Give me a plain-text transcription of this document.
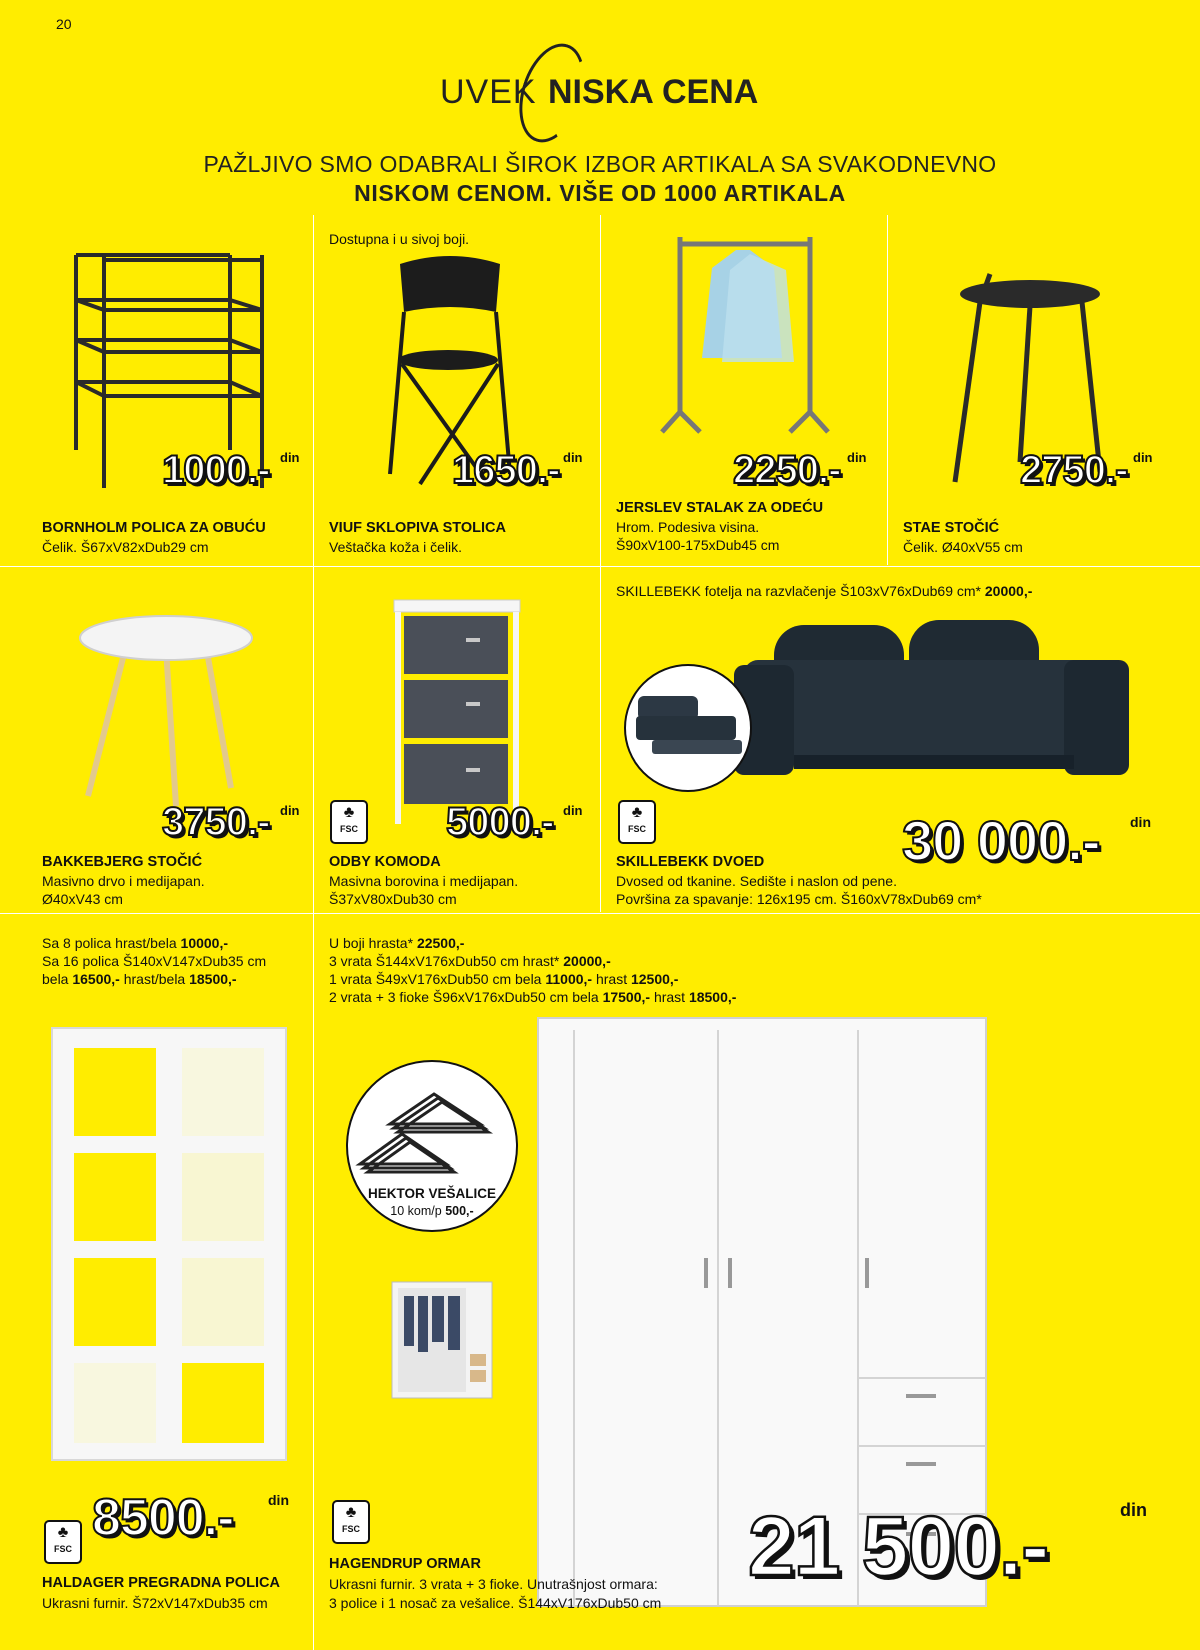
20
UVEK NISKA CENA
PAŽLJIVO SMO ODABRALI ŠIROK IZBOR ARTIKALA SA SVAKODNEVNO
NISKOM CENOM. VIŠE OD 1000 ARTIKALA
1000.- din
BORNHOLM POLICA ZA OBUĆU
Čelik. Š67xV82xDub29 cm
Dostupna i u sivoj boji.
1650.- din
VIUF SKLOPIVA STOLICA
Veštačka koža i čelik.
2250.- din
JERSLEV STALAK ZA ODEĆU
Hrom. Podesiva visina.
Š90xV100-175xDub45 cm
2750.- din
STAE STOČIĆ
Čelik. Ø40xV55 cm
3750.- din
BAKKEBJERG STOČIĆ
Masivno drvo i medijapan.
Ø40xV43 cm
♣
FSC 5000.- din
ODBY KOMODA
Masivna borovina i medijapan.
Š37xV80xDub30 cm
SKILLEBEKK fotelja na razvlačenje Š103xV76xDub69 cm* 20000,-
♣
FSC	30 000.- din
SKILLEBEKK DVOED
Dvosed od tkanine. Sedište i naslon od pene.
Površina za spavanje: 126x195 cm. Š160xV78xDub69 cm*
Sa 8 polica hrast/bela 10000,-
Sa 16 polica Š140xV147xDub35 cm
bela 16500,- hrast/bela 18500,-
♣
FSC
8500.- din
HALDAGER PREGRADNA POLICA
Ukrasni furnir. Š72xV147xDub35 cm
U boji hrasta* 22500,-
3 vrata Š144xV176xDub50 cm hrast* 20000,-
1 vrata Š49xV176xDub50 cm bela 11000,- hrast 12500,-
2 vrata + 3 fioke Š96xV176xDub50 cm bela 17500,- hrast 18500,-
HEKTOR VEŠALICE
10 kom/p 500,-
♣
FSC	21 500.-	din
HAGENDRUP ORMAR
Ukrasni furnir. 3 vrata + 3 fioke. Unutrašnjost ormara:
3 police i 1 nosač za vešalice. Š144xV176xDub50 cm
